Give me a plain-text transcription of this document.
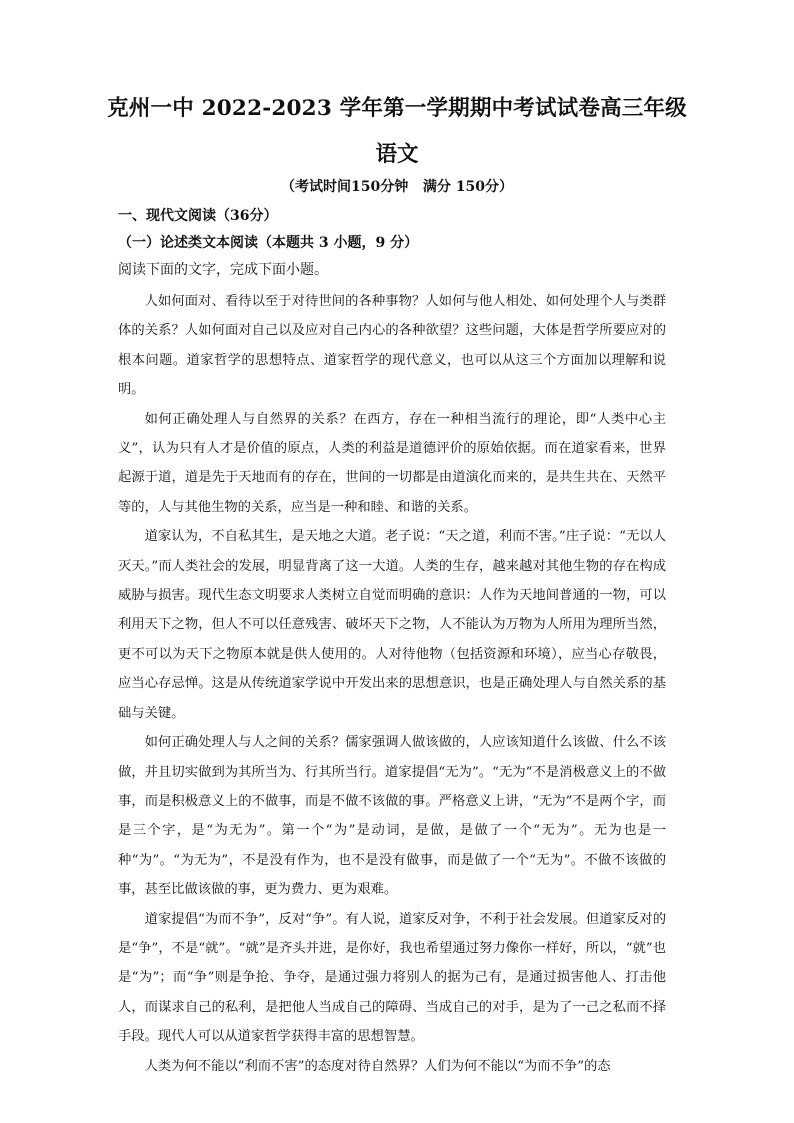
克州一中 2022-2023 学年第一学期期中考试试卷高三年级
语文
（考试时间150分钟   满分 150分）
一、现代文阅读（36分）
（一）论述类文本阅读（本题共 3 小题，9 分）
阅读下面的文字，完成下面小题。

人如何面对、看待以至于对待世间的各种事物？人如何与他人相处、如何处理个人与类群体的关系？人如何面对自己以及应对自己内心的各种欲望？这些问题，大体是哲学所要应对的根本问题。道家哲学的思想特点、道家哲学的现代意义，也可以从这三个方面加以理解和说明。

如何正确处理人与自然界的关系？在西方，存在一种相当流行的理论，即“人类中心主义”，认为只有人才是价值的原点，人类的利益是道德评价的原始依据。而在道家看来，世界起源于道，道是先于天地而有的存在，世间的一切都是由道演化而来的，是共生共在、天然平等的，人与其他生物的关系，应当是一种和睦、和谐的关系。

道家认为，不自私其生，是天地之大道。老子说：“天之道，利而不害。”庄子说：“无以人灭天。”而人类社会的发展，明显背离了这一大道。人类的生存，越来越对其他生物的存在构成威胁与损害。现代生态文明要求人类树立自觉而明确的意识：人作为天地间普通的一物，可以利用天下之物，但人不可以任意残害、破坏天下之物，人不能认为万物为人所用为理所当然，更不可以为天下之物原本就是供人使用的。人对待他物（包括资源和环境），应当心存敬畏，应当心存忌惮。这是从传统道家学说中开发出来的思想意识，也是正确处理人与自然关系的基础与关键。

如何正确处理人与人之间的关系？儒家强调人做该做的，人应该知道什么该做、什么不该做，并且切实做到为其所当为、行其所当行。道家提倡“无为”。“无为”不是消极意义上的不做事，而是积极意义上的不做事，而是不做不该做的事。严格意义上讲，“无为”不是两个字，而是三个字，是“为无为”。第一个“为”是动词，是做，是做了一个“无为”。无为也是一种“为”。“为无为”，不是没有作为，也不是没有做事，而是做了一个“无为”。不做不该做的事，甚至比做该做的事，更为费力、更为艰难。

道家提倡“为而不争”，反对“争”。有人说，道家反对争，不利于社会发展。但道家反对的是“争”，不是“就”。“就”是齐头并进，是你好，我也希望通过努力像你一样好，所以，“就”也是“为”；而“争”则是争抢、争夺，是通过强力将别人的据为己有，是通过损害他人、打击他人，而谋求自己的私利，是把他人当成自己的障碍、当成自己的对手，是为了一己之私而不择手段。现代人可以从道家哲学获得丰富的思想智慧。

人类为何不能以“利而不害”的态度对待自然界？人们为何不能以“为而不争”的态
